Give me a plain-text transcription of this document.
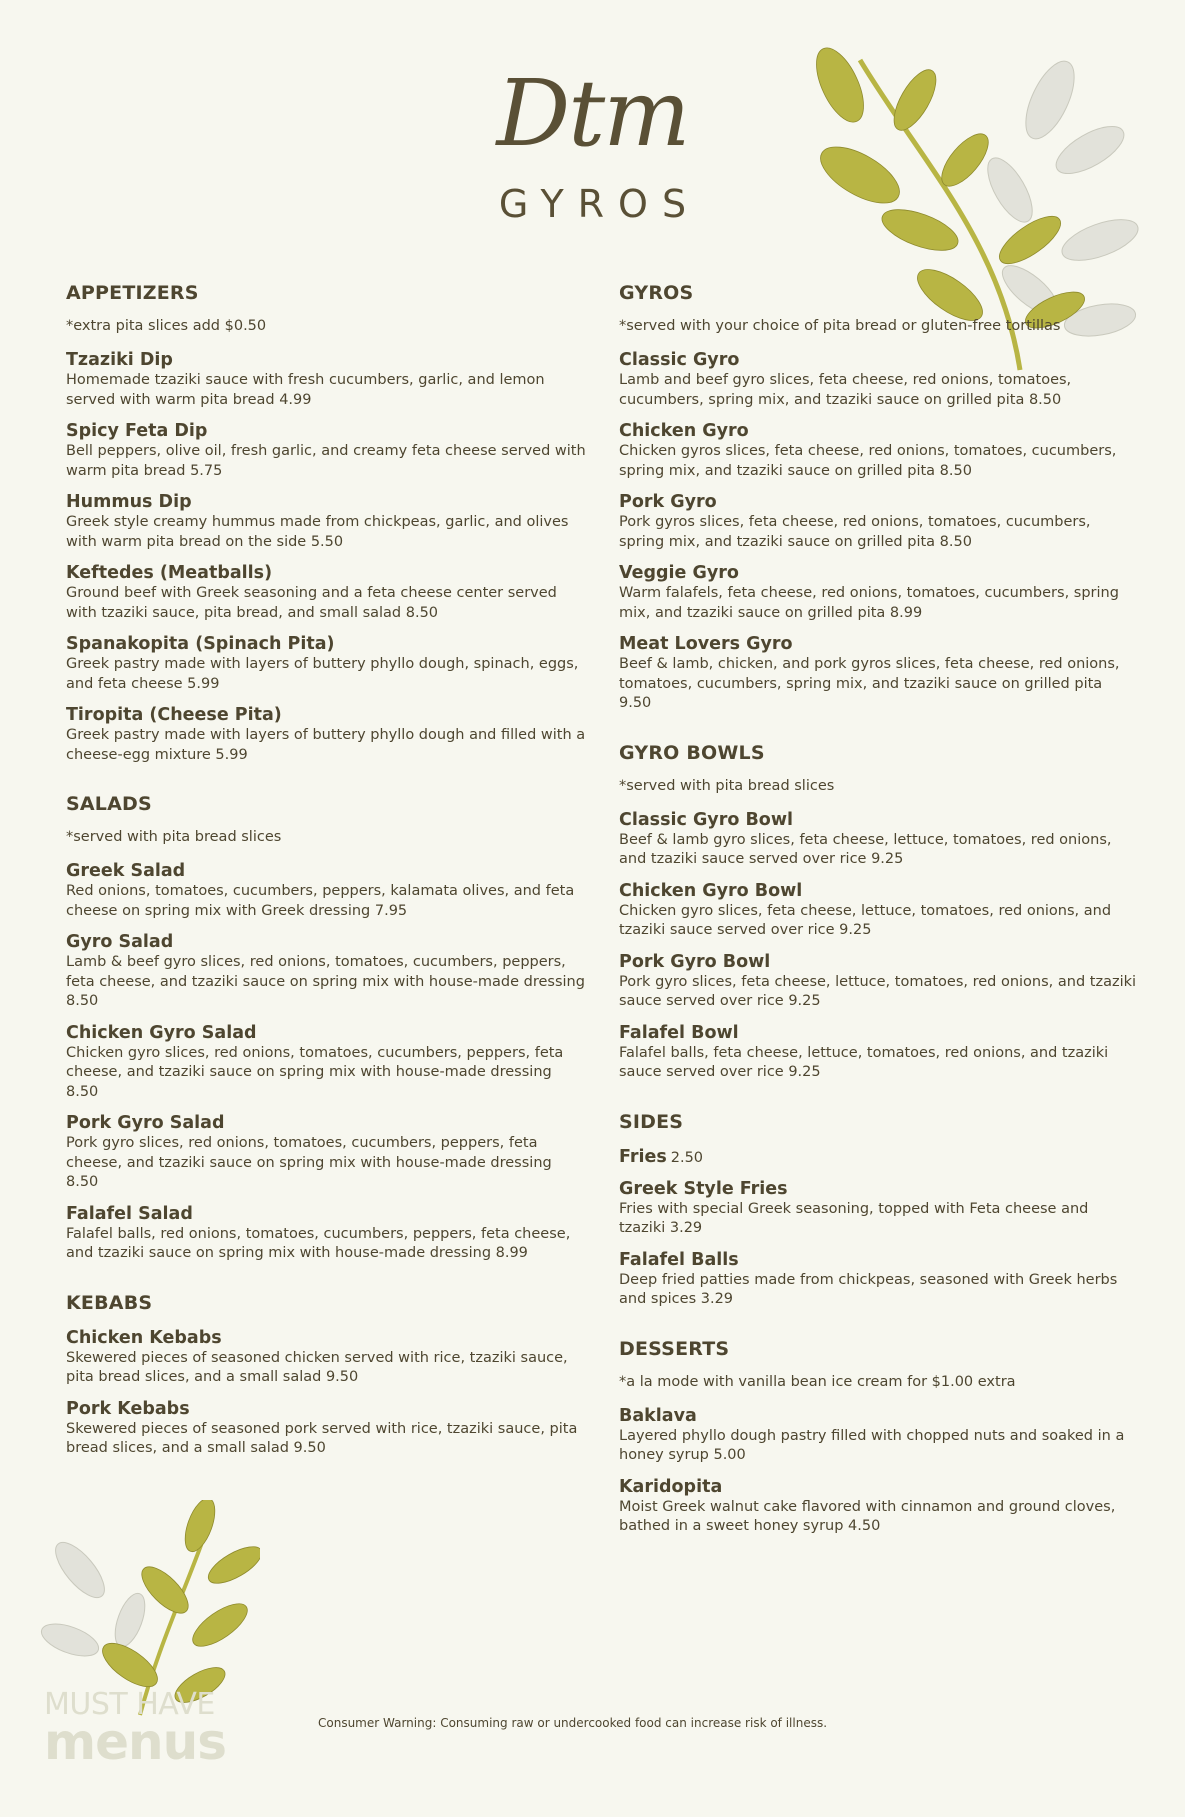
Dtm
GYROS
APPETIZERS
*extra pita slices add $0.50
Tzaziki Dip
Homemade tzaziki sauce with fresh cucumbers, garlic, and lemon served with warm pita bread 4.99
Spicy Feta Dip
Bell peppers, olive oil, fresh garlic, and creamy feta cheese served with warm pita bread 5.75
Hummus Dip
Greek style creamy hummus made from chickpeas, garlic, and olives with warm pita bread on the side 5.50
Keftedes (Meatballs)
Ground beef with Greek seasoning and a feta cheese center served with tzaziki sauce, pita bread, and small salad 8.50
Spanakopita (Spinach Pita)
Greek pastry made with layers of buttery phyllo dough, spinach, eggs, and feta cheese 5.99
Tiropita (Cheese Pita)
Greek pastry made with layers of buttery phyllo dough and filled with a cheese-egg mixture 5.99
SALADS
*served with pita bread slices
Greek Salad
Red onions, tomatoes, cucumbers, peppers, kalamata olives, and feta cheese on spring mix with Greek dressing 7.95
Gyro Salad
Lamb & beef gyro slices, red onions, tomatoes, cucumbers, peppers, feta cheese, and tzaziki sauce on spring mix with house-made dressing 8.50
Chicken Gyro Salad
Chicken gyro slices, red onions, tomatoes, cucumbers, peppers, feta cheese, and tzaziki sauce on spring mix with house-made dressing 8.50
Pork Gyro Salad
Pork gyro slices, red onions, tomatoes, cucumbers, peppers, feta cheese, and tzaziki sauce on spring mix with house-made dressing 8.50
Falafel Salad
Falafel balls, red onions, tomatoes, cucumbers, peppers, feta cheese, and tzaziki sauce on spring mix with house-made dressing 8.99
KEBABS
Chicken Kebabs
Skewered pieces of seasoned chicken served with rice, tzaziki sauce, pita bread slices, and a small salad 9.50
Pork Kebabs
Skewered pieces of seasoned pork served with rice, tzaziki sauce, pita bread slices, and a small salad 9.50
GYROS
*served with your choice of pita bread or gluten-free tortillas
Classic Gyro
Lamb and beef gyro slices, feta cheese, red onions, tomatoes, cucumbers, spring mix, and tzaziki sauce on grilled pita 8.50
Chicken Gyro
Chicken gyros slices, feta cheese, red onions, tomatoes, cucumbers, spring mix, and tzaziki sauce on grilled pita 8.50
Pork Gyro
Pork gyros slices, feta cheese, red onions, tomatoes, cucumbers, spring mix, and tzaziki sauce on grilled pita 8.50
Veggie Gyro
Warm falafels, feta cheese, red onions, tomatoes, cucumbers, spring mix, and tzaziki sauce on grilled pita 8.99
Meat Lovers Gyro
Beef & lamb, chicken, and pork gyros slices, feta cheese, red onions, tomatoes, cucumbers, spring mix, and tzaziki sauce on grilled pita 9.50
GYRO BOWLS
*served with pita bread slices
Classic Gyro Bowl
Beef & lamb gyro slices, feta cheese, lettuce, tomatoes, red onions, and tzaziki sauce served over rice 9.25
Chicken Gyro Bowl
Chicken gyro slices, feta cheese, lettuce, tomatoes, red onions, and tzaziki sauce served over rice 9.25
Pork Gyro Bowl
Pork gyro slices, feta cheese, lettuce, tomatoes, red onions, and tzaziki sauce served over rice 9.25
Falafel Bowl
Falafel balls, feta cheese, lettuce, tomatoes, red onions, and tzaziki sauce served over rice 9.25
SIDES
Fries 2.50
Greek Style Fries
Fries with special Greek seasoning, topped with Feta cheese and tzaziki 3.29
Falafel Balls
Deep fried patties made from chickpeas, seasoned with Greek herbs and spices 3.29
DESSERTS
*a la mode with vanilla bean ice cream for $1.00 extra
Baklava
Layered phyllo dough pastry filled with chopped nuts and soaked in a honey syrup 5.00
Karidopita
Moist Greek walnut cake flavored with cinnamon and ground cloves, bathed in a sweet honey syrup 4.50
MUST HAVE
menus	Consumer Warning: Consuming raw or undercooked food can increase risk of illness.
